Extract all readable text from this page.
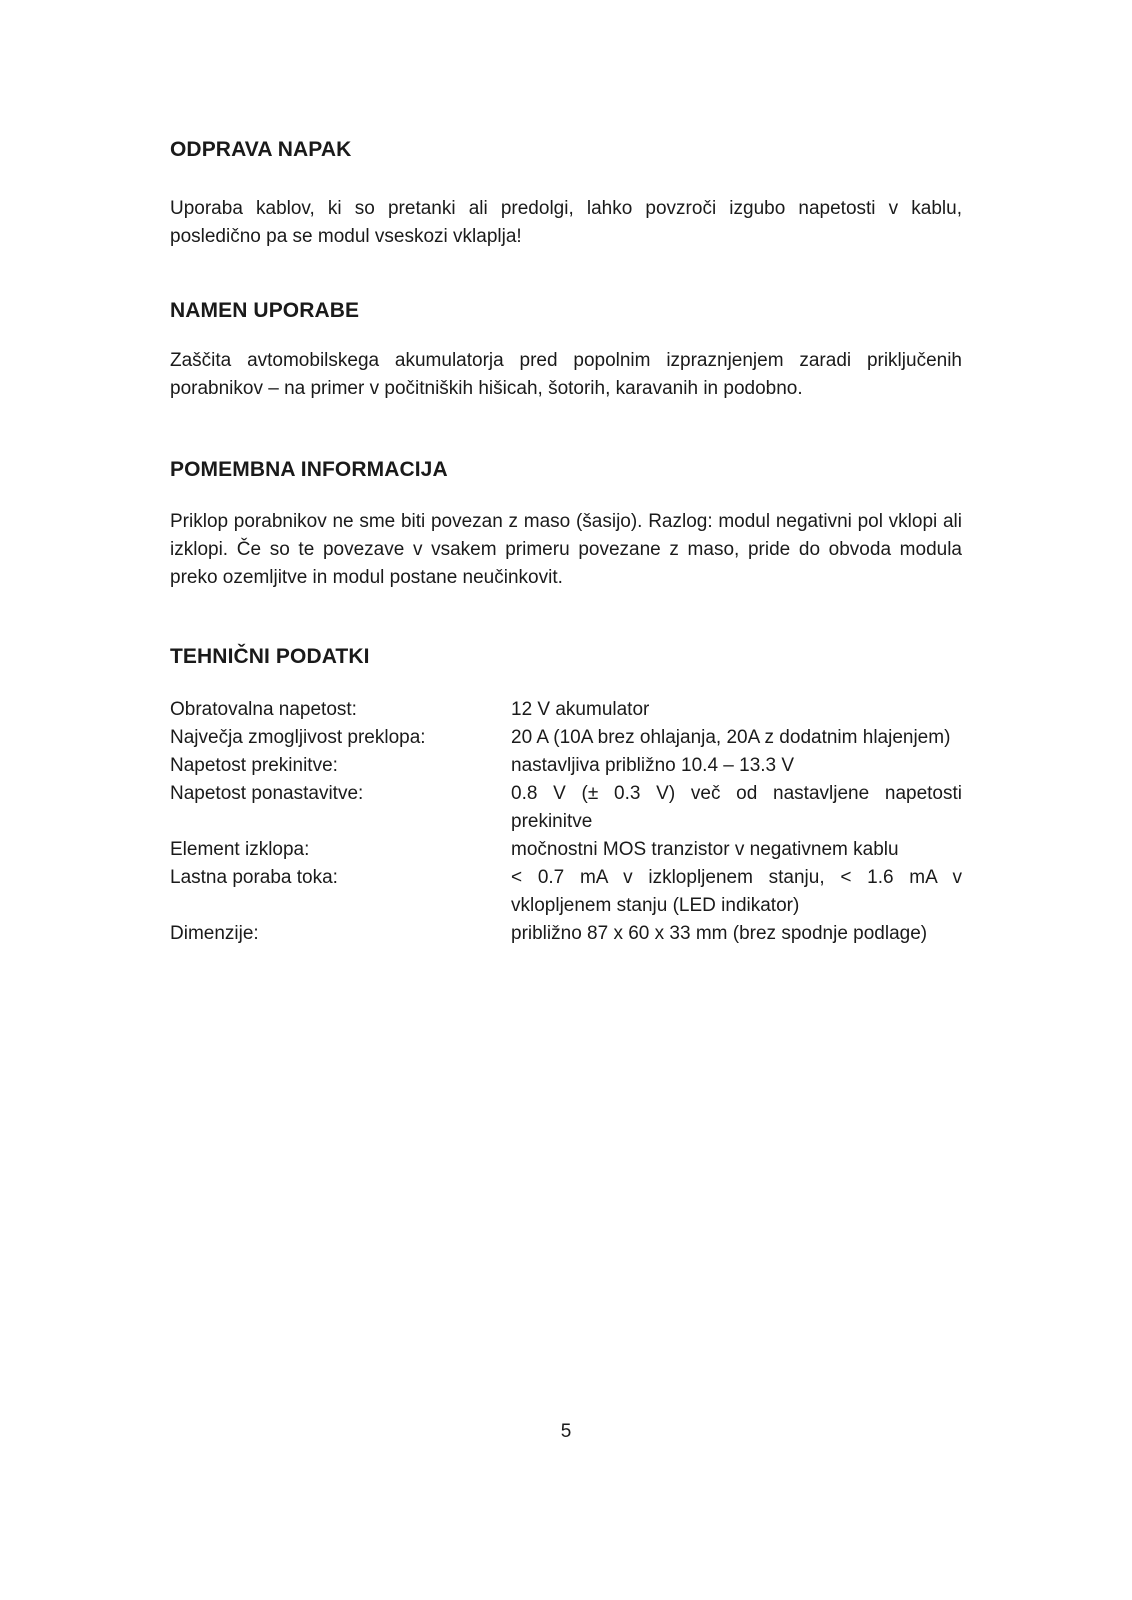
ODPRAVA NAPAK

Uporaba kablov, ki so pretanki ali predolgi, lahko povzroči izgubo napetosti v kablu, posledično pa se modul vseskozi vklaplja!

NAMEN UPORABE

Zaščita avtomobilskega akumulatorja pred popolnim izpraznjenjem zaradi priključenih porabnikov – na primer v počitniških hišicah, šotorih, karavanih in podobno.

POMEMBNA INFORMACIJA

Priklop porabnikov ne sme biti povezan z maso (šasijo). Razlog: modul negativni pol vklopi ali izklopi. Če so te povezave v vsakem primeru povezane z maso, pride do obvoda modula preko ozemljitve in modul postane neučinkovit.

TEHNIČNI PODATKI
Obratovalna napetost:	12 V akumulator
Največja zmogljivost preklopa:	20 A (10A brez ohlajanja, 20A z dodatnim hlajenjem)
Napetost prekinitve:	nastavljiva približno 10.4 – 13.3 V
Napetost ponastavitve:	0.8 V (± 0.3 V) več od nastavljene napetosti prekinitve
Element izklopa:	močnostni MOS tranzistor v negativnem kablu
Lastna poraba toka:	< 0.7 mA v izklopljenem stanju, < 1.6 mA v vklopljenem stanju (LED indikator)
Dimenzije:	približno 87 x 60 x 33 mm (brez spodnje podlage)
5
